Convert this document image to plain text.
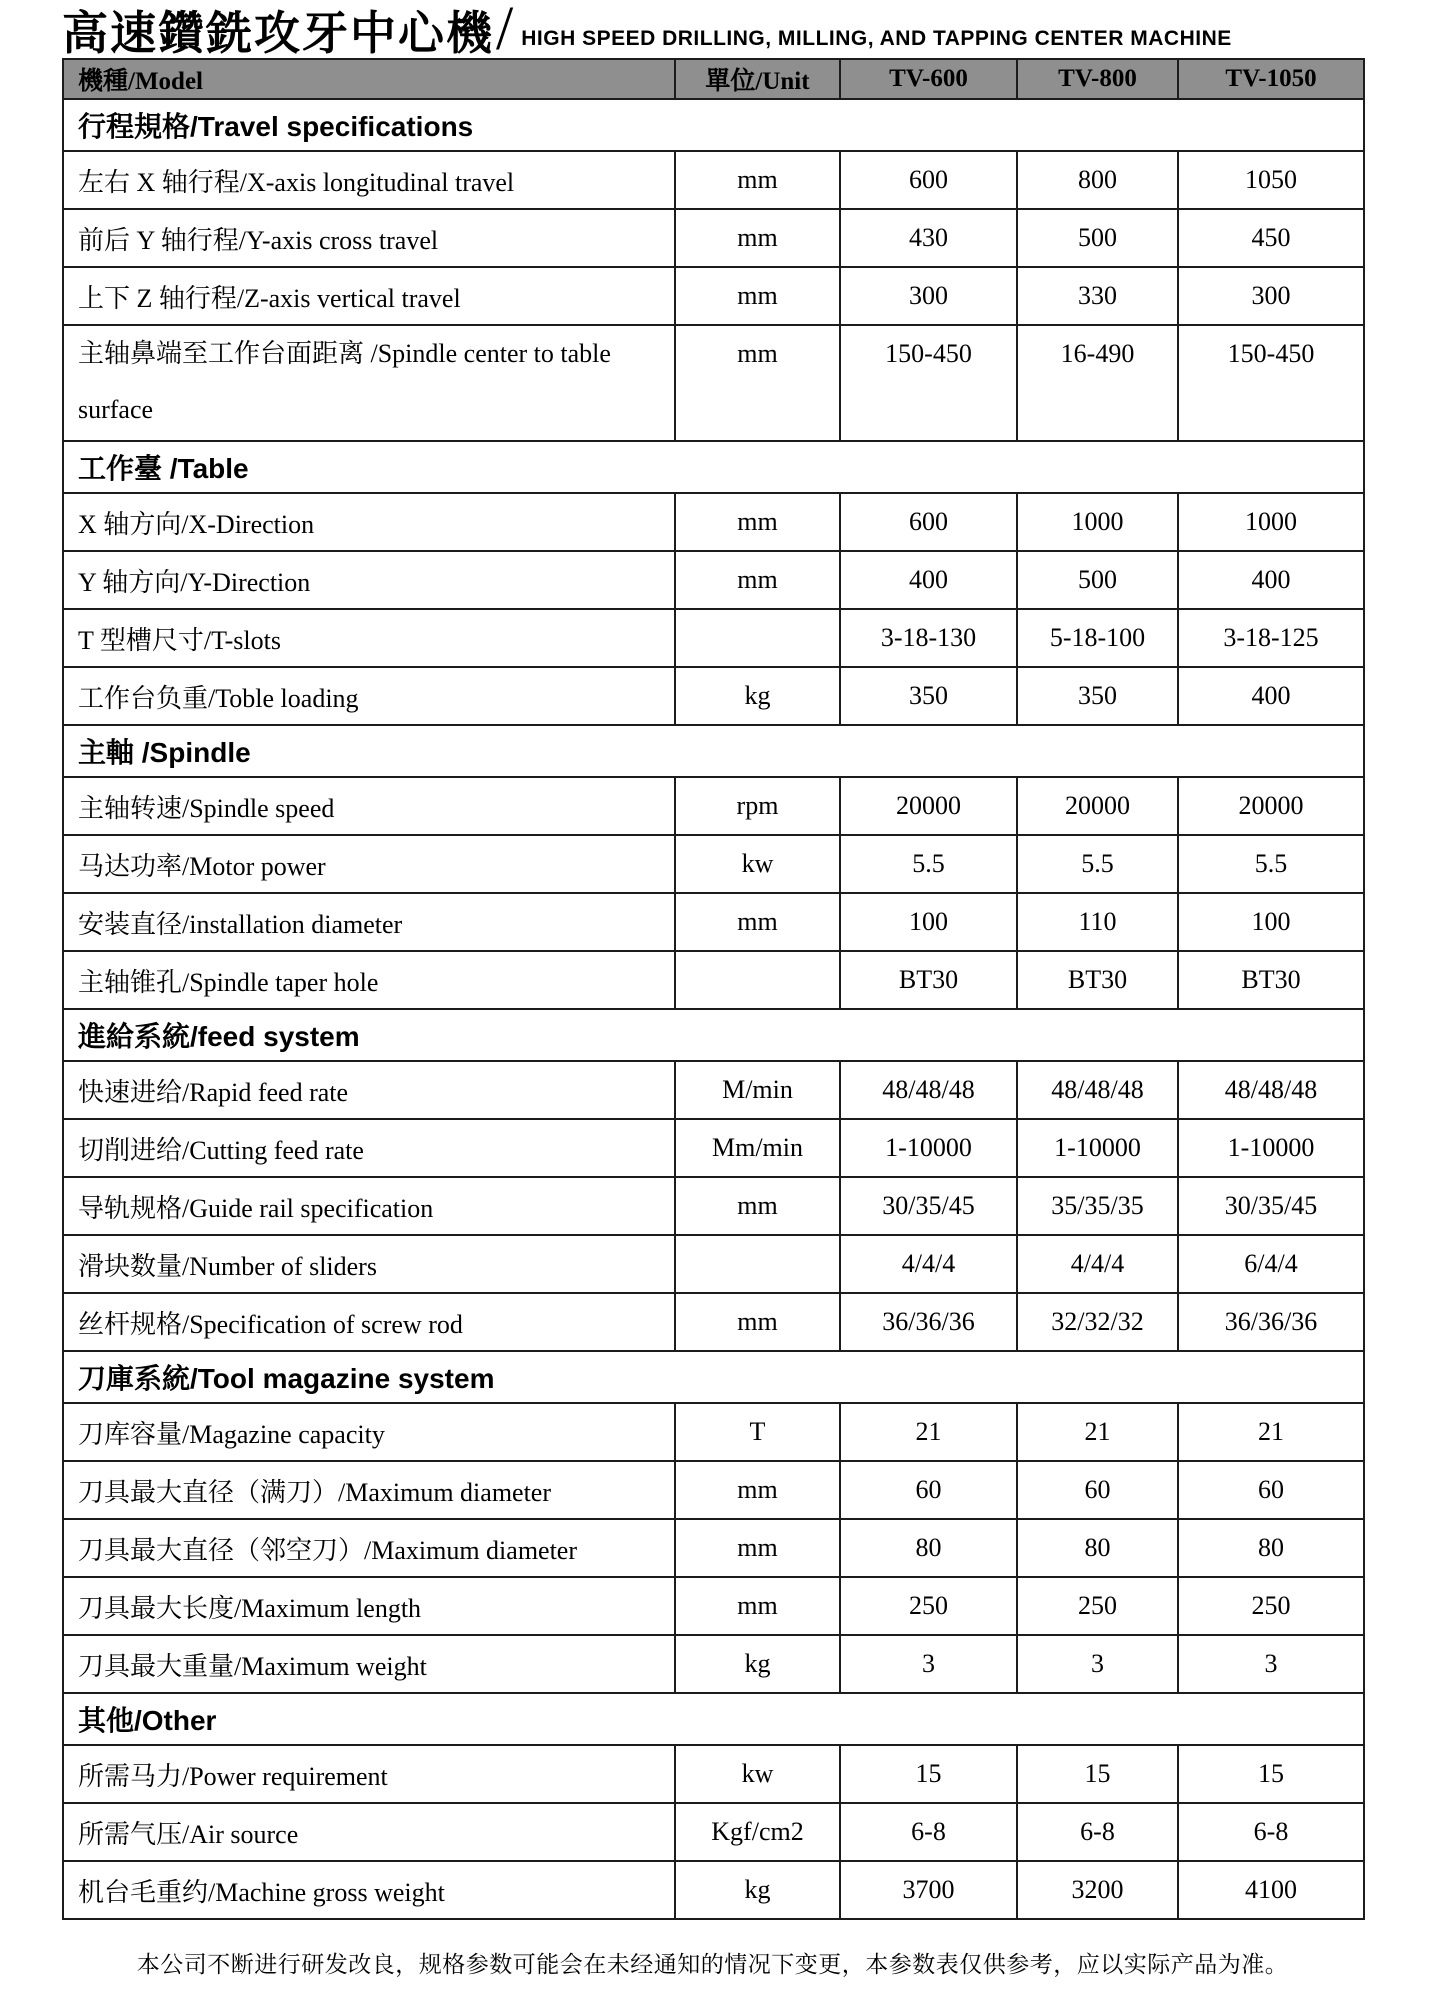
高速鑽銑攻牙中心機 / HIGH SPEED DRILLING, MILLING, AND TAPPING CENTER MACHINE
機種/Model	單位/Unit	TV-600	TV-800	TV-1050
行程規格/Travel specifications				
左右 X 轴行程/X-axis longitudinal travel	mm	600	800	1050
前后 Y 轴行程/Y-axis cross travel	mm	430	500	450
上下 Z 轴行程/Z-axis vertical travel	mm	300	330	300
主轴鼻端至工作台面距离 /Spindle center to table surface	mm	150-450	16-490	150-450
工作臺 /Table				
X 轴方向/X-Direction	mm	600	1000	1000
Y 轴方向/Y-Direction	mm	400	500	400
T 型槽尺寸/T-slots		3-18-130	5-18-100	3-18-125
工作台负重/Toble loading	kg	350	350	400
主軸 /Spindle				
主轴转速/Spindle speed	rpm	20000	20000	20000
马达功率/Motor power	kw	5.5	5.5	5.5
安装直径/installation diameter	mm	100	110	100
主轴锥孔/Spindle taper hole		BT30	BT30	BT30
進給系統/feed system				
快速进给/Rapid feed rate	M/min	48/48/48	48/48/48	48/48/48
切削进给/Cutting feed rate	Mm/min	1-10000	1-10000	1-10000
导轨规格/Guide rail specification	mm	30/35/45	35/35/35	30/35/45
滑块数量/Number of sliders		4/4/4	4/4/4	6/4/4
丝杆规格/Specification of screw rod	mm	36/36/36	32/32/32	36/36/36
刀庫系統/Tool magazine system				
刀库容量/Magazine capacity	T	21	21	21
刀具最大直径（满刀）/Maximum diameter	mm	60	60	60
刀具最大直径（邻空刀）/Maximum diameter	mm	80	80	80
刀具最大长度/Maximum length	mm	250	250	250
刀具最大重量/Maximum weight	kg	3	3	3
其他/Other				
所需马力/Power requirement	kw	15	15	15
所需气压/Air source	Kgf/cm2	6-8	6-8	6-8
机台毛重约/Machine gross weight	kg	3700	3200	4100
本公司不断进行研发改良，规格参数可能会在未经通知的情况下变更，本参数表仅供参考，应以实际产品为准。
